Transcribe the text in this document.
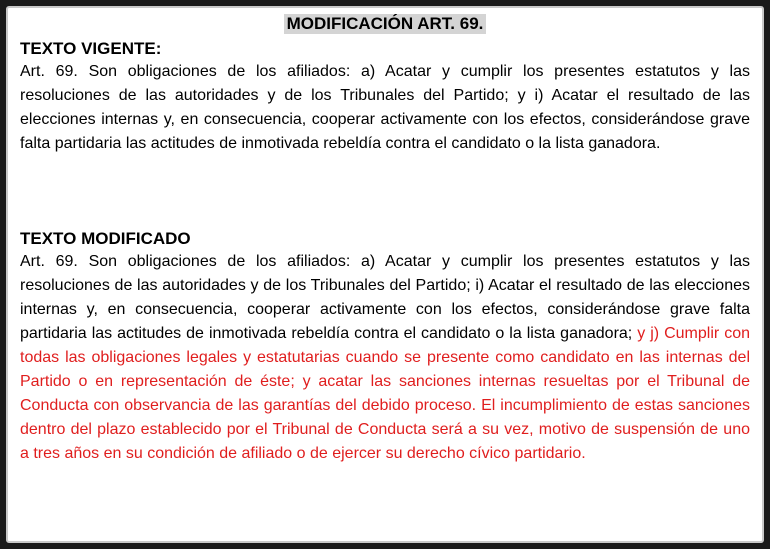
MODIFICACIÓN ART. 69.

TEXTO VIGENTE:

Art. 69. Son obligaciones de los afiliados: a) Acatar y cumplir los presentes estatutos y las resoluciones de las autoridades y de los Tribunales del Partido; y i) Acatar el resultado de las elecciones internas y, en consecuencia, cooperar activamente con los efectos, considerándose grave falta partidaria las actitudes de inmotivada rebeldía contra el candidato o la lista ganadora.

TEXTO MODIFICADO

Art. 69. Son obligaciones de los afiliados: a) Acatar y cumplir los presentes estatutos y las resoluciones de las autoridades y de los Tribunales del Partido; i) Acatar el resultado de las elecciones internas y, en consecuencia, cooperar activamente con los efectos, considerándose grave falta partidaria las actitudes de inmotivada rebeldía contra el candidato o la lista ganadora; y j) Cumplir con todas las obligaciones legales y estatutarias cuando se presente como candidato en las internas del Partido o en representación de éste; y acatar las sanciones internas resueltas por el Tribunal de Conducta con observancia de las garantías del debido proceso. El incumplimiento de estas sanciones dentro del plazo establecido por el Tribunal de Conducta será a su vez, motivo de suspensión de uno a tres años en su condición de afiliado o de ejercer su derecho cívico partidario.
